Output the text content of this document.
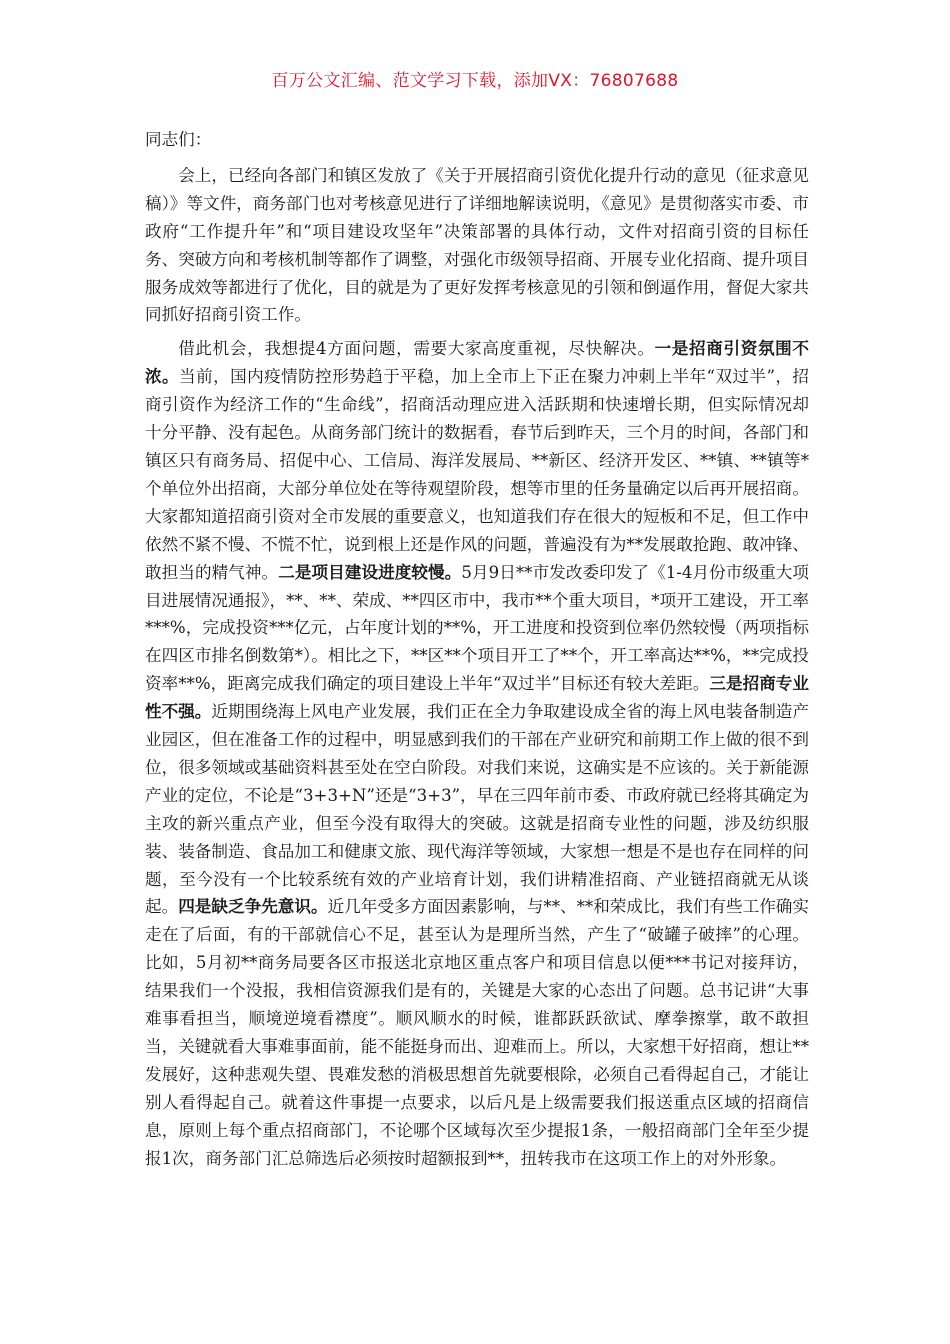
百万公文汇编、范文学习下载，添加VX：76807688

同志们：

会上，已经向各部门和镇区发放了《关于开展招商引资优化提升行动的意见（征求意见稿）》等文件，商务部门也对考核意见进行了详细地解读说明，《意见》是贯彻落实市委、市政府“工作提升年”和“项目建设攻坚年”决策部署的具体行动，文件对招商引资的目标任务、突破方向和考核机制等都作了调整，对强化市级领导招商、开展专业化招商、提升项目服务成效等都进行了优化，目的就是为了更好发挥考核意见的引领和倒逼作用，督促大家共同抓好招商引资工作。

借此机会，我想提4方面问题，需要大家高度重视，尽快解决。一是招商引资氛围不浓。当前，国内疫情防控形势趋于平稳，加上全市上下正在聚力冲刺上半年“双过半”，招商引资作为经济工作的“生命线”，招商活动理应进入活跃期和快速增长期，但实际情况却十分平静、没有起色。从商务部门统计的数据看，春节后到昨天，三个月的时间，各部门和镇区只有商务局、招促中心、工信局、海洋发展局、**新区、经济开发区、**镇、**镇等*个单位外出招商，大部分单位处在等待观望阶段，想等市里的任务量确定以后再开展招商。大家都知道招商引资对全市发展的重要意义，也知道我们存在很大的短板和不足，但工作中依然不紧不慢、不慌不忙，说到根上还是作风的问题，普遍没有为**发展敢抢跑、敢冲锋、敢担当的精气神。二是项目建设进度较慢。5月9日**市发改委印发了《1-4月份市级重大项目进展情况通报》，**、**、荣成、**四区市中，我市**个重大项目，*项开工建设，开工率***%，完成投资***亿元，占年度计划的**%，开工进度和投资到位率仍然较慢（两项指标在四区市排名倒数第*）。相比之下，**区**个项目开工了**个，开工率高达**%，**完成投资率**%，距离完成我们确定的项目建设上半年“双过半”目标还有较大差距。三是招商专业性不强。近期围绕海上风电产业发展，我们正在全力争取建设成全省的海上风电装备制造产业园区，但在准备工作的过程中，明显感到我们的干部在产业研究和前期工作上做的很不到位，很多领域或基础资料甚至处在空白阶段。对我们来说，这确实是不应该的。关于新能源产业的定位，不论是“3+3+N”还是“3+3”，早在三四年前市委、市政府就已经将其确定为主攻的新兴重点产业，但至今没有取得大的突破。这就是招商专业性的问题，涉及纺织服装、装备制造、食品加工和健康文旅、现代海洋等领域，大家想一想是不是也存在同样的问题，至今没有一个比较系统有效的产业培育计划，我们讲精准招商、产业链招商就无从谈起。四是缺乏争先意识。近几年受多方面因素影响，与**、**和荣成比，我们有些工作确实走在了后面，有的干部就信心不足，甚至认为是理所当然，产生了“破罐子破摔”的心理。比如，5月初**商务局要各区市报送北京地区重点客户和项目信息以便***书记对接拜访，结果我们一个没报，我相信资源我们是有的，关键是大家的心态出了问题。总书记讲“大事难事看担当，顺境逆境看襟度”。顺风顺水的时候，谁都跃跃欲试、摩拳擦掌，敢不敢担当，关键就看大事难事面前，能不能挺身而出、迎难而上。所以，大家想干好招商，想让**发展好，这种悲观失望、畏难发愁的消极思想首先就要根除，必须自己看得起自己，才能让别人看得起自己。就着这件事提一点要求，以后凡是上级需要我们报送重点区域的招商信息，原则上每个重点招商部门，不论哪个区域每次至少提报1条，一般招商部门全年至少提报1次，商务部门汇总筛选后必须按时超额报到**，扭转我市在这项工作上的对外形象。
